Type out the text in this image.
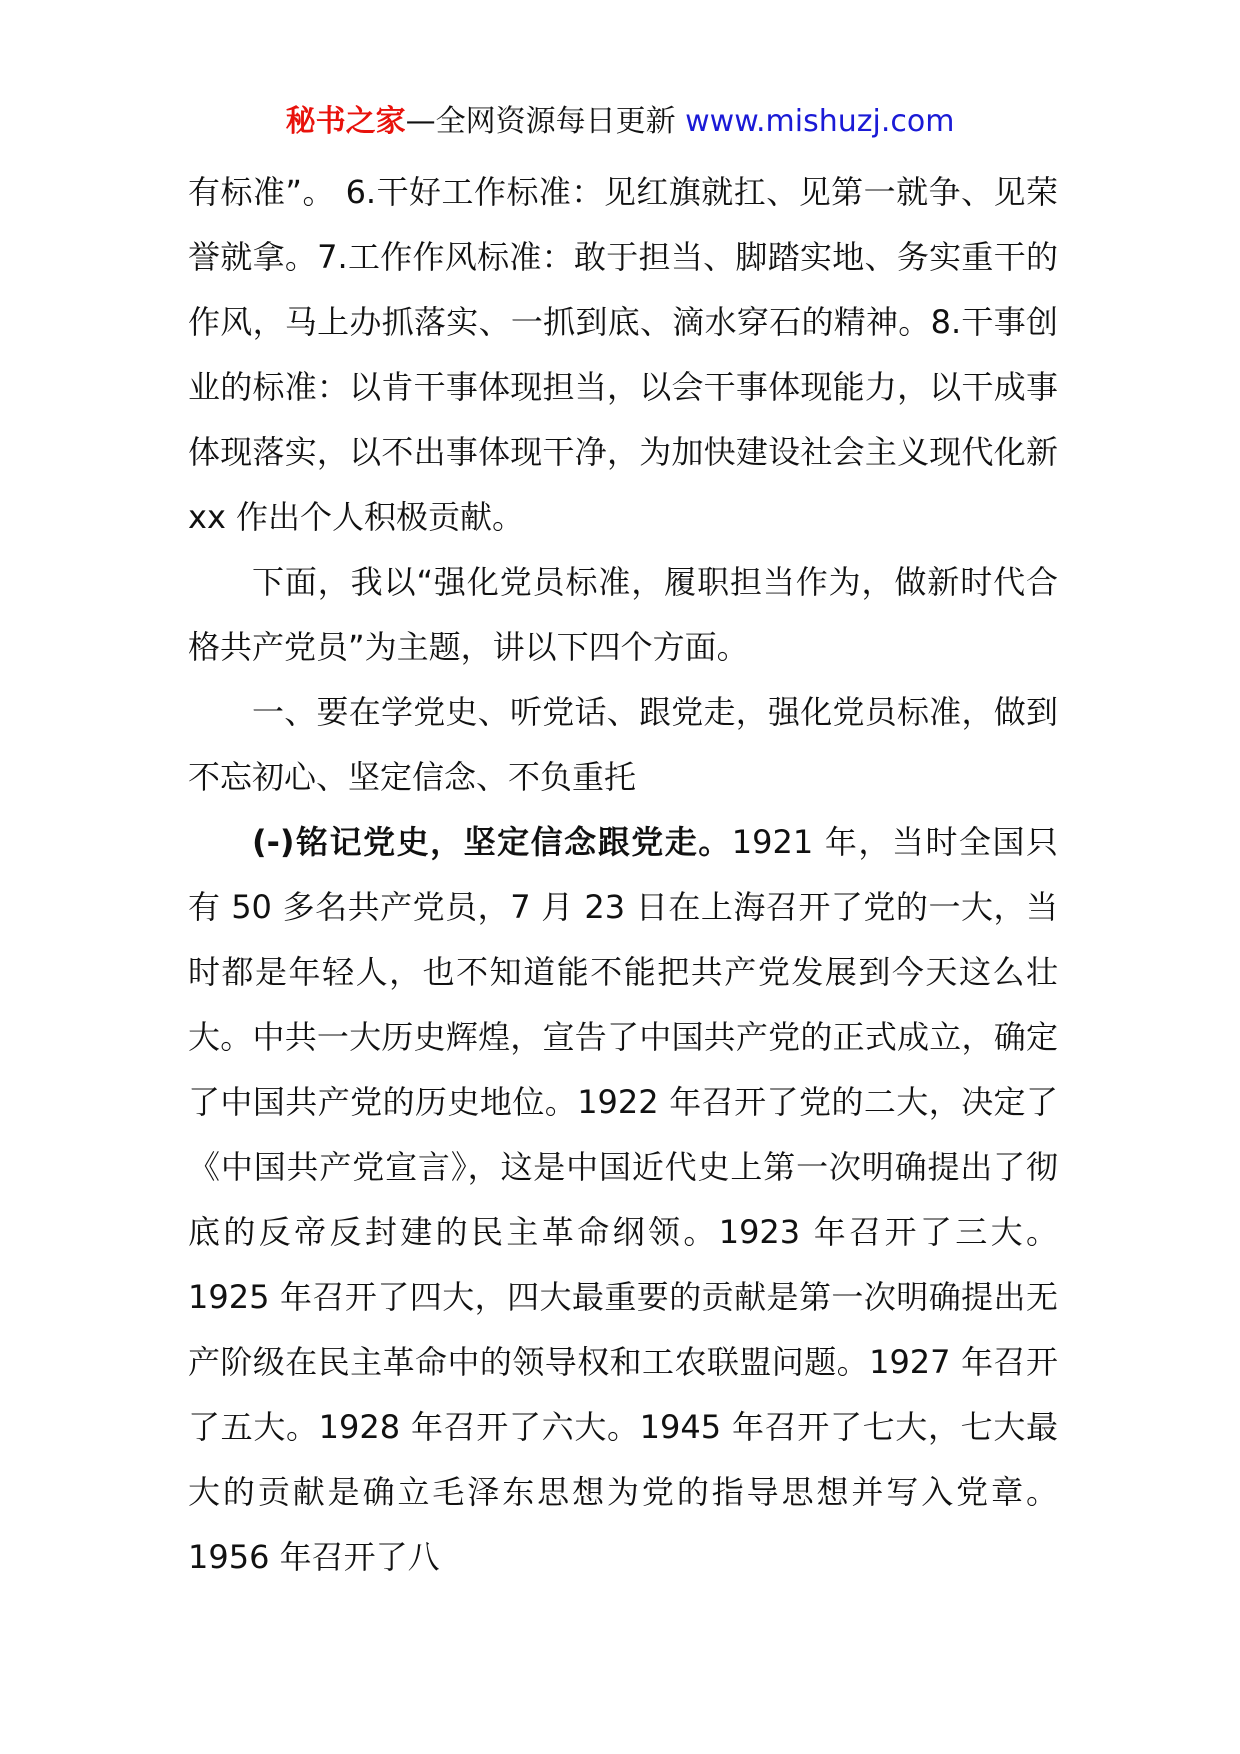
秘书之家—全网资源每日更新 www.mishuzj.com

有标准”。 6.干好工作标准：见红旗就扛、见第一就争、见荣誉就拿。7.工作作风标准：敢于担当、脚踏实地、务实重干的作风，马上办抓落实、一抓到底、滴水穿石的精神。8.干事创业的标准：以肯干事体现担当，以会干事体现能力，以干成事体现落实，以不出事体现干净，为加快建设社会主义现代化新 xx 作出个人积极贡献。

下面，我以“强化党员标准，履职担当作为，做新时代合格共产党员”为主题，讲以下四个方面。

一、要在学党史、听党话、跟党走，强化党员标准，做到不忘初心、坚定信念、不负重托

(-)铭记党史，坚定信念跟党走。1921 年，当时全国只有 50 多名共产党员，7 月 23 日在上海召开了党的一大，当时都是年轻人，也不知道能不能把共产党发展到今天这么壮大。中共一大历史辉煌，宣告了中国共产党的正式成立，确定了中国共产党的历史地位。1922 年召开了党的二大，决定了《中国共产党宣言》，这是中国近代史上第一次明确提出了彻底的反帝反封建的民主革命纲领。1923 年召开了三大。1925 年召开了四大，四大最重要的贡献是第一次明确提出无产阶级在民主革命中的领导权和工农联盟问题。1927 年召开了五大。1928 年召开了六大。1945 年召开了七大，七大最大的贡献是确立毛泽东思想为党的指导思想并写入党章。1956 年召开了八
